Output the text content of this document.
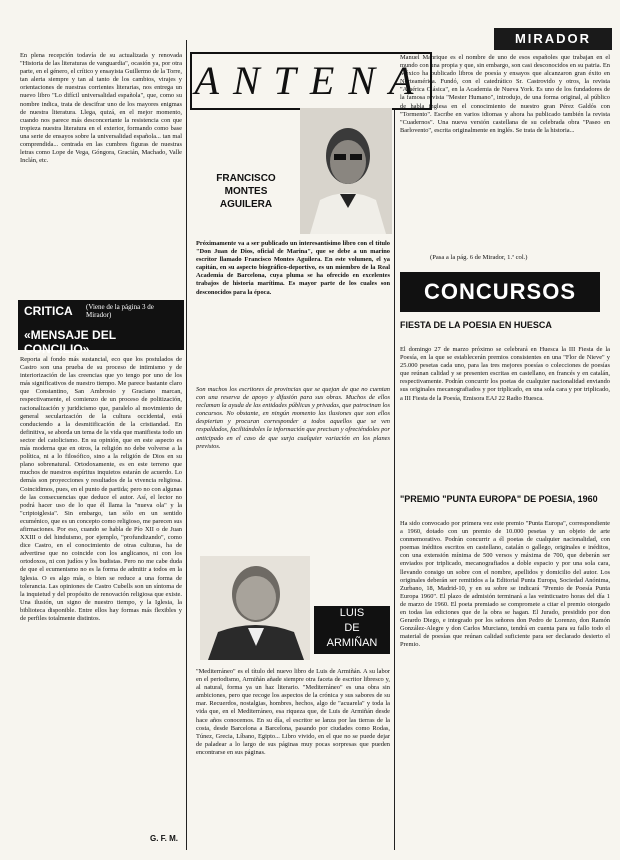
MIRADOR
ANTENA
En plena recepción todavía de su actualizada y renovada "Historia de las literaturas de vanguardia", ocasión ya, por otra parte, en el género, el crítico y ensayista Guillermo de la Torre, tan alerta siempre y tan al tanto de los cambios, virajes y orientaciones de nuestras corrientes literarias, nos entrega un nuevo libro "Lo difícil universalidad española", que, como su nombre indica, trata de descifrar uno de los mayores enigmas de nuestra literatura. Llega, quizá, en el mejor momento, cuando nos parece más desconcertante la resistencia con que tropieza nuestra literatura en el exterior, formando como base una serie de ensayos sobre la universalidad española... tan mal comprendida... centrada en las cumbres figuras de nuestras letras como Lope de Vega, Góngora, Gracián, Machado, Valle Inclán, etc.
CRITICA (Viene de la página 3 de Mirador)
«MENSAJE DEL CONCILIO»
Reporta al fondo más sustancial, eco que los postulados de Castro son una prueba de su proceso de intimismo y de interiorización de las creencias que yo tengo por uno de los más significativos de nuestro tiempo. Me parece bastante claro que Constantino, San Ambrosio y Graciano marcan, respectivamente, el comienzo de un proceso de politización, racionalización y juridicismo que, paralelo al movimiento de general secularización de la cultura occidental, está conduciendo a la desmitificación de la cristiandad. En definitiva, se aborda un tema de la vida que manifiesta todo un sector del catolicismo. En su opinión, que en este aspecto es más moderna que en otros, la religión no debe volverse a la política, ni a lo filosófico, sino a la religión de Dios en su plano sobrenatural. Ortodoxamente, es en este terreno que muchos de nuestros espíritus inquietos estarán de acuerdo. Lo demás son proyecciones y resultados de la vivencia religiosa. Coincidimos, pues, en el punto de partida; pero no con algunas de las consecuencias que deduce el autor. Así, el lector no podrá hacer uso de lo que él llama la "nueva ola" y la "criptoiglesia". Sin embargo, tan sólo en un sentido ecuménico, que es un concepto como religioso, me parecen sus afirmaciones. Por eso, cuando se habla de Pío XII o de Juan XXIII o del hinduismo, por ejemplo, "profundizando", como dice Castro, en el conocimiento de otras culturas, ha de advertirse que no coincide con los anglicanos, ni con los ortodoxos, ni con judíos y los budistas. Pero no me cabe duda de que el ecumenismo no es la forma de admitir a todos en la Iglesia. O es algo más, o bien se reduce a una forma de tolerancia. Las opiniones de Castro Cubells son un síntoma de la inquietud y del propósito de renovación religiosa que existe. Una ilusión, un signo de nuestro tiempo, y la Iglesia, la biblioteca disponible. Entre ellos hay formas más flexibles y de perfiles totalmente distintos.
G. F. M.
FRANCISCO
MONTES
AGUILERA
Próximamente va a ser publicado un interesantísimo libro con el título "Don Juan de Dios, oficial de Marina", que se debe a un marino escritor llamado Francisco Montes Aguilera. En este volumen, el ya capitán, en su aspecto biográfico-deportivo, es un miembro de la Real Academia de Barcelona, cuya pluma se ha ofrecido en excelentes trabajos de historia marítima. Es mayor parte de los cuales son desconocidos para la época.
Son muchos los escritores de provincias que se quejan de que no cuentan con una reserva de apoyo y difusión para sus obras. Muchos de ellos reclaman la ayuda de las entidades públicas y privadas, que patrocinan los concursos. No obstante, en ningún momento las ilusiones que son ellos despiertan y procuran corresponder a todos aquellos que se ven respaldados, facilitándoles la información que precisan y ofreciéndoles por anticipado en el caso de que surja cualquier variación en los planes previstos.
LUIS
DE
ARMIÑAN
"Mediterráneo" es el título del nuevo libro de Luis de Armiñán. A su labor en el periodismo, Armiñán añade siempre otra faceta de escritor libresco y, al natural, forma ya un haz literario. "Mediterráneo" es una obra sin ambiciones, pero que recoge los aspectos de la crónica y sus sabores de su mar. Recuerdos, nostalgias, hombres, hechos, algo de "acuarela" y toda la vida que, en el Mediterráneo, esa riqueza que, de Luis de Armiñán desde hace años conocemos. En su día, el escritor se lanza por las tierras de la costa, desde Barcelona a Barcelona, pasando por ciudades como Rodas, Túnez, Grecia, Líbano, Egipto... Libro vivido, en el que no se puede dejar de paladear a lo largo de sus páginas muy pocas sorpresas que pueden encontrarse en sus páginas.
Manuel Manrique es el nombre de uno de esos españoles que trabajan en el mundo con una propia y que, sin embargo, son casi desconocidos en su patria. En México ha publicado libros de poesía y ensayos que alcanzaron gran éxito en Norteamérica. Fundó, con el catedrático Sr. Castrovido y otros, la revista "América Clásica", en la Academia de Nueva York. Es uno de los fundadores de la famosa revista "Mester Humano", introdujo, de una forma original, al público de habla inglesa en el conocimiento de nuestro gran Pérez Galdós con "Tormento". Escribe en varios idiomas y ahora ha publicado también la revista "Cuadernos". Una nueva versión castellana de su celebrada obra "Paseo en Barlovento", escrita originalmente en inglés. Se trata de la historia...
(Pasa a la pág. 6 de Mirador, 1.ª col.)
CONCURSOS
FIESTA DE LA POESIA EN HUESCA
El domingo 27 de marzo próximo se celebrará en Huesca la III Fiesta de la Poesía, en la que se establecerán premios consistentes en una "Flor de Nieve" y 25.000 pesetas cada uno, para las tres mejores poesías o colecciones de poesías que reúnan calidad y se presenten escritas en castellano, en francés y en catalán, respectivamente. Podrán concurrir los poetas de cualquier nacionalidad enviando sus originales mecanografiados y por triplicado, en una sola cara y por triplicado, a III Fiesta de la Poesía, Emisora EAJ 22 Radio Huesca.
"PREMIO "PUNTA EUROPA" DE POESIA, 1960
Ha sido convocado por primera vez este premio "Punta Europa", correspondiente a 1960, dotado con un premio de 10.000 pesetas y un objeto de arte conmemorativo. Podrán concurrir a él poetas de cualquier nacionalidad, con poemas inéditos escritos en castellano, catalán o gallego, originales e inéditos, con una extensión mínima de 500 versos y máxima de 700, que deberán ser enviados por triplicado, mecanografiados a doble espacio y por una sola cara, llevando consigo un sobre con el nombre, apellidos y domicilio del autor. Los originales deberán ser remitidos a la Editorial Punta Europa, Sociedad Anónima, Zurbano, 18, Madrid-10, y en su sobre se indicará "Premio de Poesía Punta Europa 1960". El plazo de admisión terminará a las veinticuatro horas del día 1 de marzo de 1960. El poeta premiado se compromete a citar el premio otorgado en todas las ediciones que de la obra se hagan. El Jurado, presidido por don Gerardo Diego, e integrado por los señores don Pedro de Lorenzo, don Ramón González-Alegre y don Carlos Murciano, tendrá en cuenta para su fallo todo el material de poesías que reúnan calidad suficiente para ser declarado desierto el Premio.
